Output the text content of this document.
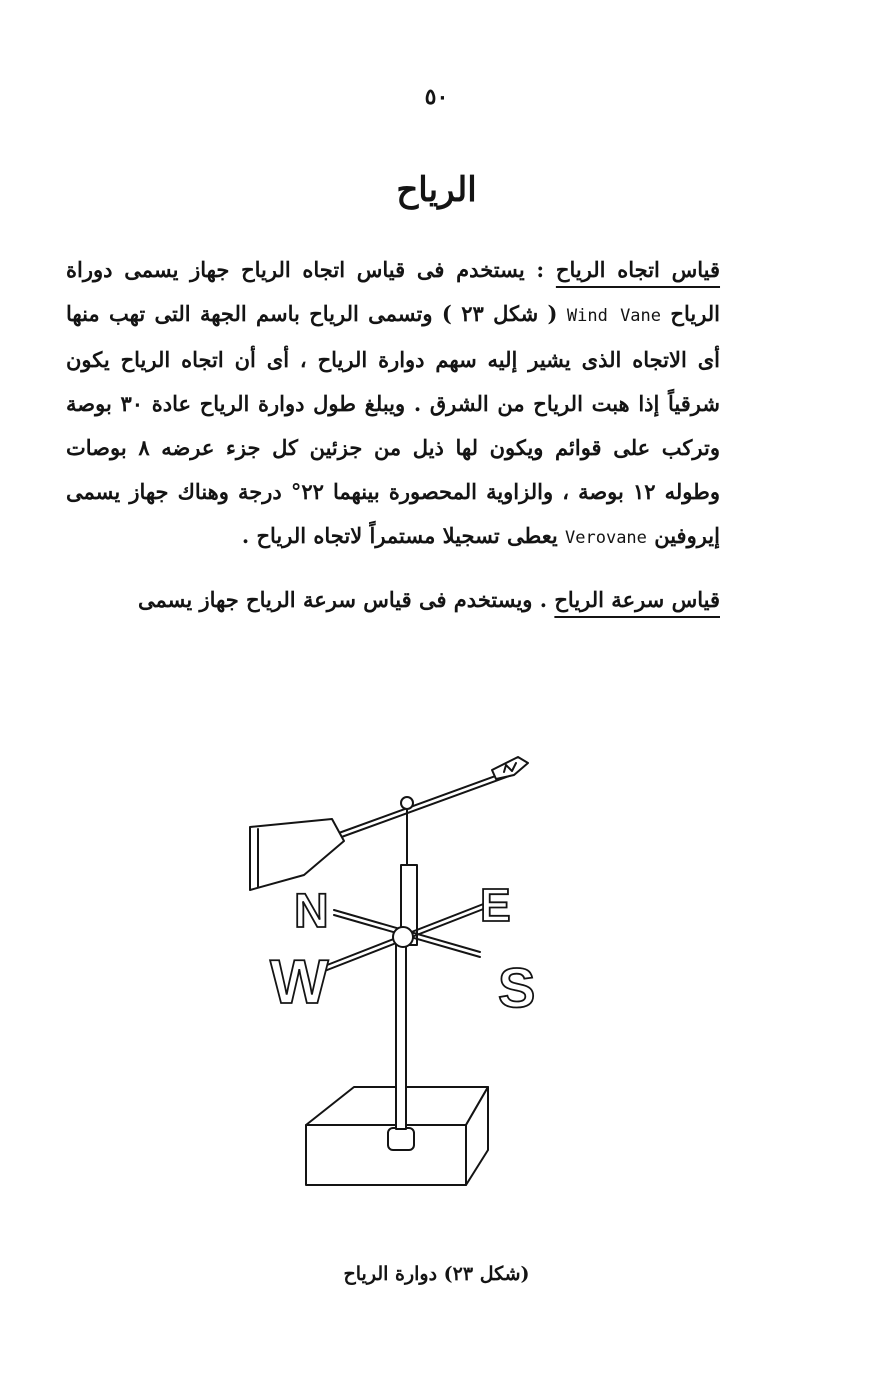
٥٠
الرياح
قياس اتجاه الرياح : يستخدم فى قياس اتجاه الرياح جهاز يسمى دوراة الرياح Wind Vane ( شكل ٢٣ ) وتسمى الرياح باسم الجهة التى تهب منها أى الاتجاه الذى يشير إليه سهم دوارة الرياح ، أى أن اتجاه الرياح يكون شرقياً إذا هبت الرياح من الشرق . ويبلغ طول دوارة الرياح عادة ٣٠ بوصة وتركب على قوائم ويكون لها ذيل من جزئين كل جزء عرضه ٨ بوصات وطوله ١٢ بوصة ، والزاوية المحصورة بينهما ٢٢° درجة وهناك جهاز يسمى إيروفين Verovane يعطى تسجيلا مستمراً لاتجاه الرياح .
قياس سرعة الرياح . ويستخدم فى قياس سرعة الرياح جهاز يسمى
N	E
W	S
(شكل ٢٣) دوارة الرياح
